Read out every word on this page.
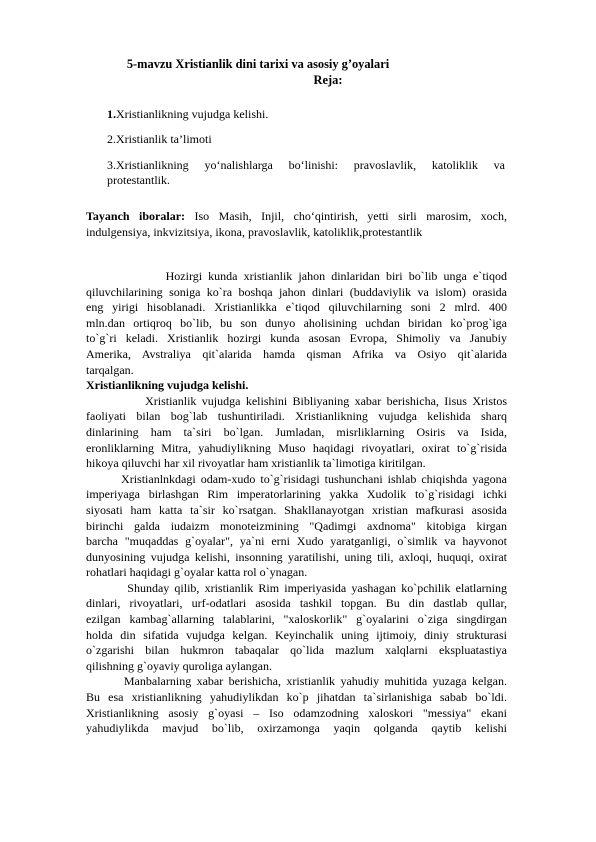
5-mavzu Xristianlik dini tarixi va asosiy g’oyalari
Reja:
1.Xristianlikning vujudga kelishi.
2.Xristianlik ta’limoti
3.Xristianlikning yo‘nalishlarga bo‘linishi: pravoslavlik, katoliklik va
protestantlik.
Tayanch iboralar: Iso Masih, Injil, cho‘qintirish, yetti sirli marosim, xoch,
indulgensiya, inkvizitsiya, ikona, pravoslavlik, katoliklik,protestantlik
Hozirgi kunda xristianlik jahon dinlaridan biri bo`lib unga e`tiqod
qiluvchilarining soniga ko`ra boshqa jahon dinlari (buddaviylik va islom) orasida
eng yirigi hisoblanadi. Xristianlikka e`tiqod qiluvchilarning soni 2 mlrd. 400
mln.dan ortiqroq bo`lib, bu son dunyo aholisining uchdan biridan ko`prog`iga
to`g`ri keladi. Xristianlik hozirgi kunda asosan Evropa, Shimoliy va Janubiy
Amerika, Avstraliya qit`alarida hamda qisman Afrika va Osiyo qit`alarida
tarqalgan.
Xristianlikning vujudga kelishi.
Xristianlik vujudga kelishini Bibliyaning xabar berishicha, Iisus Xristos
faoliyati bilan bog`lab tushuntiriladi. Xristianlikning vujudga kelishida sharq
dinlarining ham ta`siri bo`lgan. Jumladan, misrliklarning Osiris va Isida,
eronliklarning Mitra, yahudiylikning Muso haqidagi rivoyatlari, oxirat to`g`risida
hikoya qiluvchi har xil rivoyatlar ham xristianlik ta`limotiga kiritilgan.
Xristianlnkdagi odam-xudo to`g`risidagi tushunchani ishlab chiqishda yagona
imperiyaga birlashgan Rim imperatorlarining yakka Xudolik to`g`risidagi ichki
siyosati ham katta ta`sir ko`rsatgan. Shakllanayotgan xristian mafkurasi asosida
birinchi galda iudaizm monoteizmining "Qadimgi axdnoma" kitobiga kirgan
barcha "muqaddas g`oyalar", ya`ni erni Xudo yaratganligi, o`simlik va hayvonot
dunyosining vujudga kelishi, insonning yaratilishi, uning tili, axloqi, huquqi, oxirat
rohatlari haqidagi g`oyalar katta rol o`ynagan.
Shunday qilib, xristianlik Rim imperiyasida yashagan ko`pchilik elatlarning
dinlari, rivoyatlari, urf-odatlari asosida tashkil topgan. Bu din dastlab qullar,
ezilgan kambag`allarning talablarini, "xaloskorlik" g`oyalarini o`ziga singdirgan
holda din sifatida vujudga kelgan. Keyinchalik uning ijtimoiy, diniy strukturasi
o`zgarishi bilan hukmron tabaqalar qo`lida mazlum xalqlarni ekspluatastiya
qilishning g`oyaviy quroliga aylangan.
Manbalarning xabar berishicha, xristianlik yahudiy muhitida yuzaga kelgan.
Bu esa xristianlikning yahudiylikdan ko`p jihatdan ta`sirlanishiga sabab bo`ldi.
Xristianlikning asosiy g`oyasi – Iso odamzodning xaloskori "messiya" ekani
yahudiylikda mavjud bo`lib, oxirzamonga yaqin qolganda qaytib kelishi
